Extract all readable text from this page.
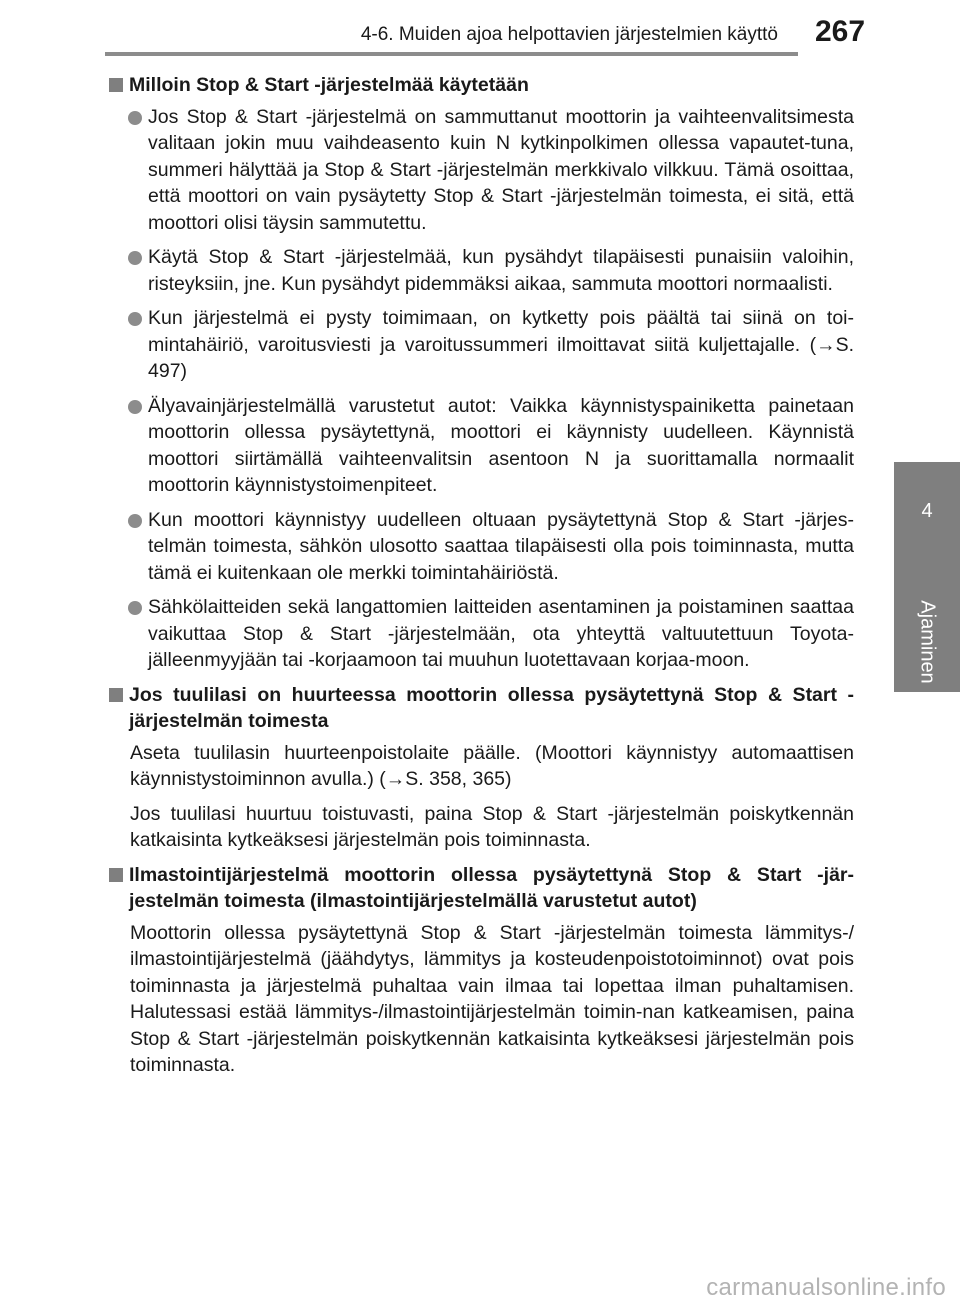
4-6. Muiden ajoa helpottavien järjestelmien käyttö 267
4
Ajaminen
Milloin Stop & Start -järjestelmää käytetään
Jos Stop & Start -järjestelmä on sammuttanut moottorin ja vaihteenvalitsimesta valitaan jokin muu vaihdeasento kuin N kytkinpolkimen ollessa vapautet-tuna, summeri hälyttää ja Stop & Start -järjestelmän merkkivalo vilkkuu. Tämä osoittaa, että moottori on vain pysäytetty Stop & Start -järjestelmän toimesta, ei sitä, että moottori olisi täysin sammutettu.
Käytä Stop & Start -järjestelmää, kun pysähdyt tilapäisesti punaisiin valoihin, risteyksiin, jne. Kun pysähdyt pidemmäksi aikaa, sammuta moottori normaalisti.
Kun järjestelmä ei pysty toimimaan, on kytketty pois päältä tai siinä on toi-mintahäiriö, varoitusviesti ja varoitussummeri ilmoittavat siitä kuljettajalle. (→S. 497)
Älyavainjärjestelmällä varustetut autot: Vaikka käynnistyspainiketta painetaan moottorin ollessa pysäytettynä, moottori ei käynnisty uudelleen. Käynnistä moottori siirtämällä vaihteenvalitsin asentoon N ja suorittamalla normaalit moottorin käynnistystoimenpiteet.
Kun moottori käynnistyy uudelleen oltuaan pysäytettynä Stop & Start -järjes-telmän toimesta, sähkön ulosotto saattaa tilapäisesti olla pois toiminnasta, mutta tämä ei kuitenkaan ole merkki toimintahäiriöstä.
Sähkölaitteiden sekä langattomien laitteiden asentaminen ja poistaminen saattaa vaikuttaa Stop & Start -järjestelmään, ota yhteyttä valtuutettuun Toyota-jälleenmyyjään tai -korjaamoon tai muuhun luotettavaan korjaa-moon.
Jos tuulilasi on huurteessa moottorin ollessa pysäytettynä Stop & Start -järjestelmän toimesta
Aseta tuulilasin huurteenpoistolaite päälle. (Moottori käynnistyy automaattisen käynnistystoiminnon avulla.) (→S. 358, 365)
Jos tuulilasi huurtuu toistuvasti, paina Stop & Start -järjestelmän poiskytkennän katkaisinta kytkeäksesi järjestelmän pois toiminnasta.
Ilmastointijärjestelmä moottorin ollessa pysäytettynä Stop & Start -jär-jestelmän toimesta (ilmastointijärjestelmällä varustetut autot)
Moottorin ollessa pysäytettynä Stop & Start -järjestelmän toimesta lämmitys-/ ilmastointijärjestelmä (jäähdytys, lämmitys ja kosteudenpoistotoiminnot) ovat pois toiminnasta ja järjestelmä puhaltaa vain ilmaa tai lopettaa ilman puhaltamisen. Halutessasi estää lämmitys-/ilmastointijärjestelmän toimin-nan katkeamisen, paina Stop & Start -järjestelmän poiskytkennän katkaisinta kytkeäksesi järjestelmän pois toiminnasta.
carmanualsonline.info
